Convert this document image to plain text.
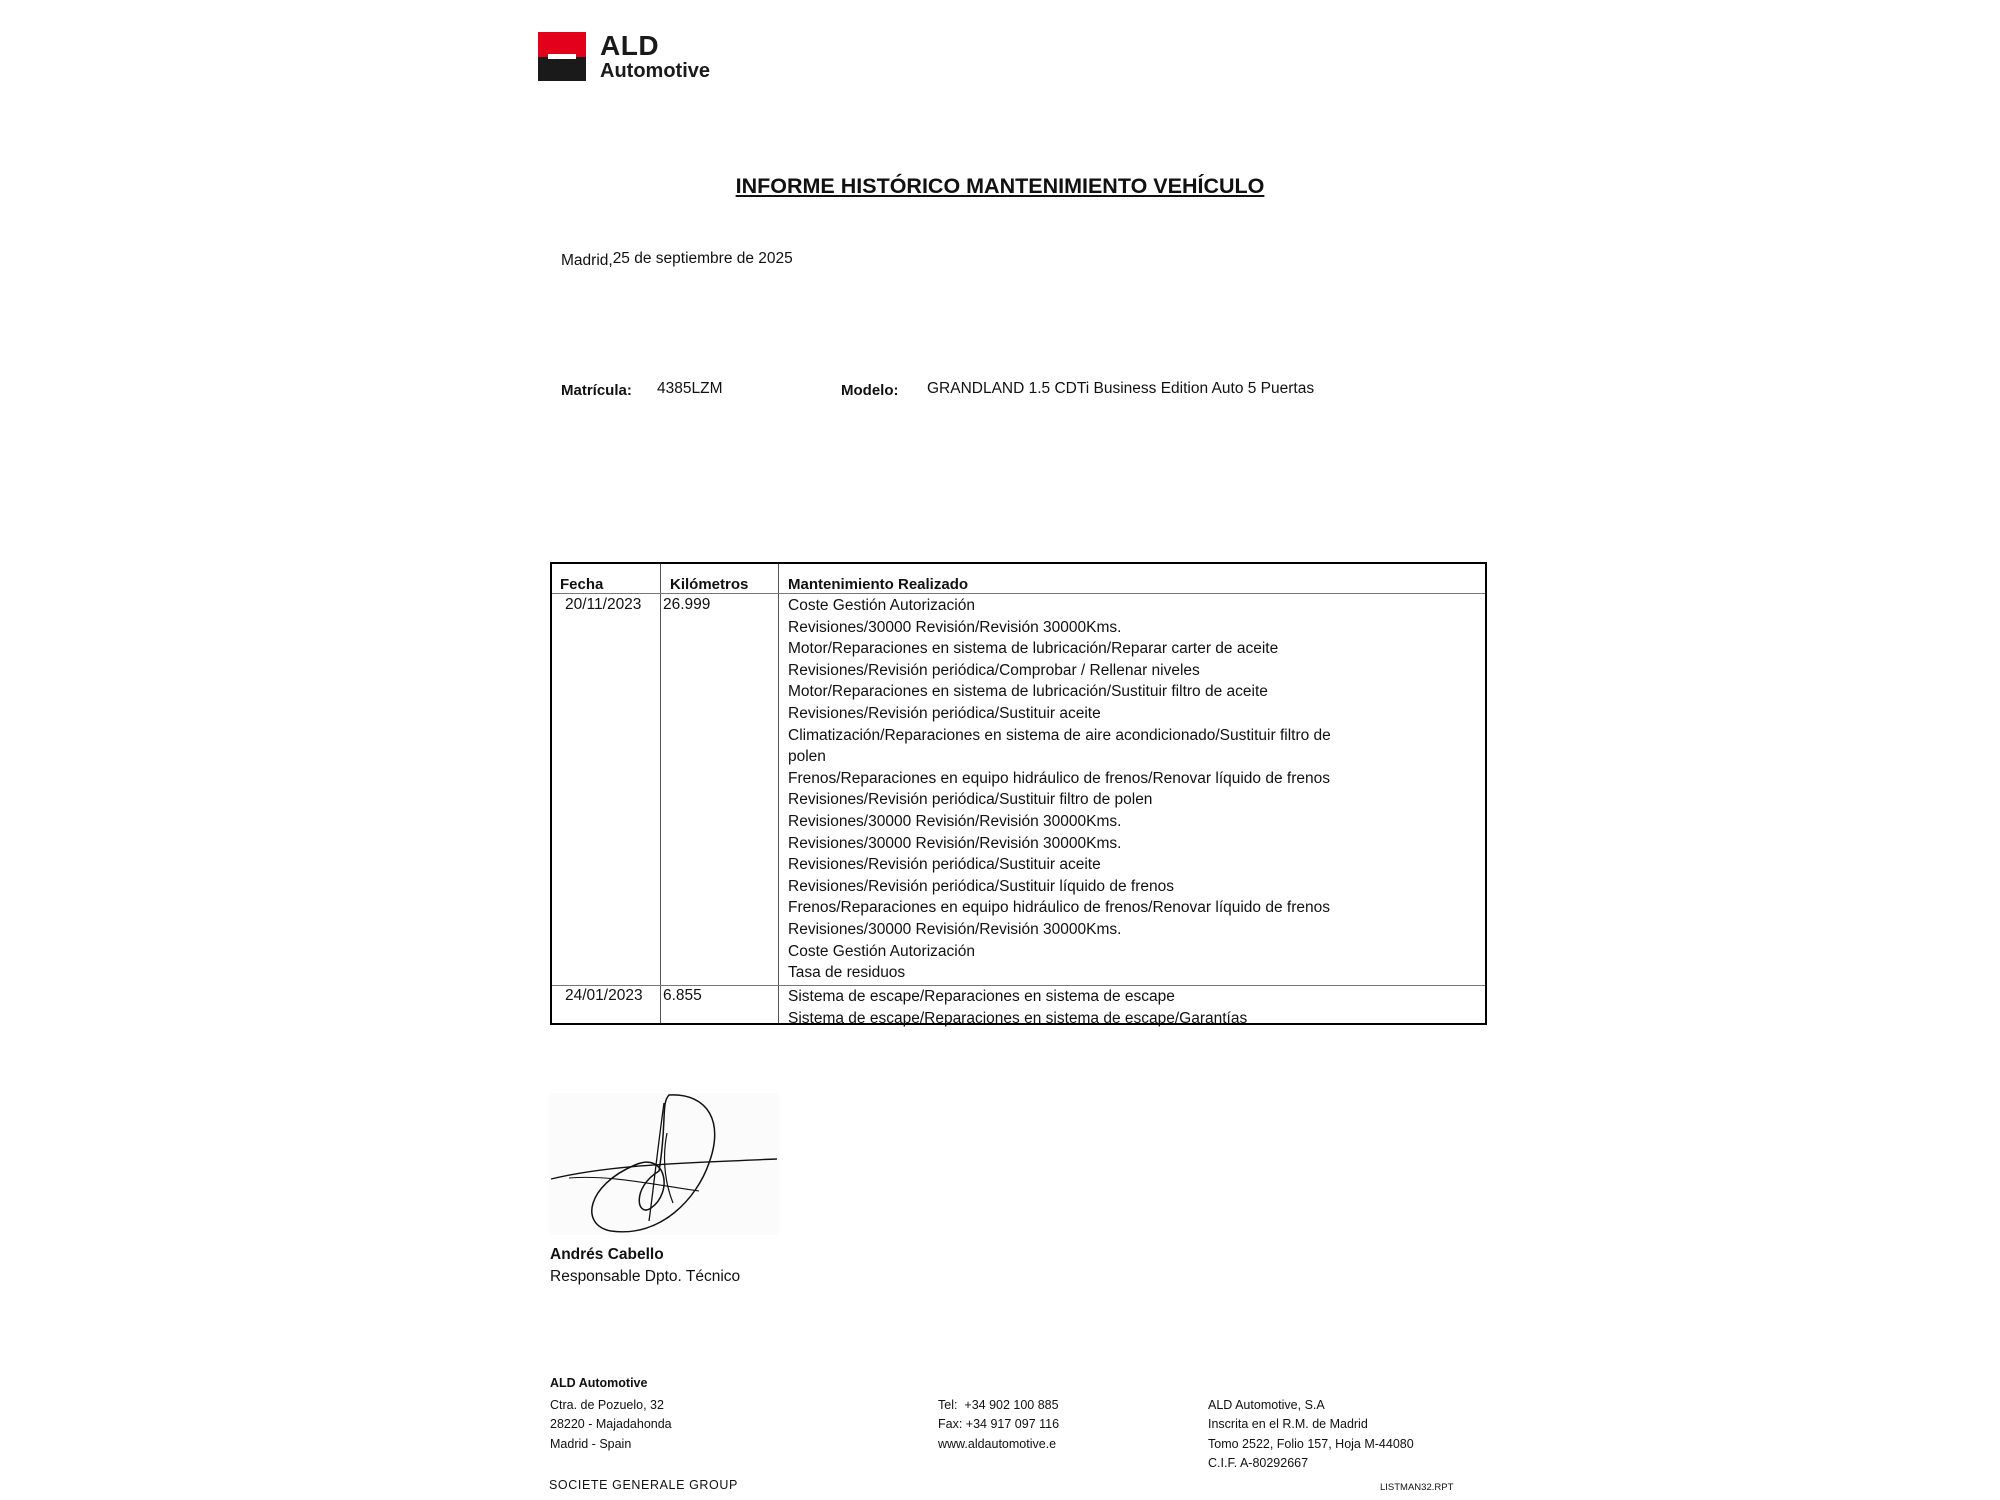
ALD
Automotive
INFORME HISTÓRICO MANTENIMIENTO VEHÍCULO
Madrid,25 de septiembre de 2025
Matrícula: 4385LZM	Modelo: GRANDLAND 1.5 CDTi Business Edition Auto 5 Puertas
Fecha	Kilómetros	Mantenimiento Realizado
20/11/2023 26.999	Coste Gestión Autorización
Revisiones/30000 Revisión/Revisión 30000Kms.
Motor/Reparaciones en sistema de lubricación/Reparar carter de aceite
Revisiones/Revisión periódica/Comprobar / Rellenar niveles
Motor/Reparaciones en sistema de lubricación/Sustituir filtro de aceite
Revisiones/Revisión periódica/Sustituir aceite
Climatización/Reparaciones en sistema de aire acondicionado/Sustituir filtro de
polen
Frenos/Reparaciones en equipo hidráulico de frenos/Renovar líquido de frenos
Revisiones/Revisión periódica/Sustituir filtro de polen
Revisiones/30000 Revisión/Revisión 30000Kms.
Revisiones/30000 Revisión/Revisión 30000Kms.
Revisiones/Revisión periódica/Sustituir aceite
Revisiones/Revisión periódica/Sustituir líquido de frenos
Frenos/Reparaciones en equipo hidráulico de frenos/Renovar líquido de frenos
Revisiones/30000 Revisión/Revisión 30000Kms.
Coste Gestión Autorización
Tasa de residuos
24/01/2023 6.855	Sistema de escape/Reparaciones en sistema de escape
Sistema de escape/Reparaciones en sistema de escape/Garantías
Andrés Cabello
Responsable Dpto. Técnico
ALD Automotive
Ctra. de Pozuelo, 32
28220 - Majadahonda
Madrid - Spain
Tel:  +34 902 100 885
Fax: +34 917 097 116
www.aldautomotive.e
ALD Automotive, S.A
Inscrita en el R.M. de Madrid
Tomo 2522, Folio 157, Hoja M-44080
C.I.F. A-80292667
SOCIETE GENERALE GROUP	LISTMAN32.RPT
